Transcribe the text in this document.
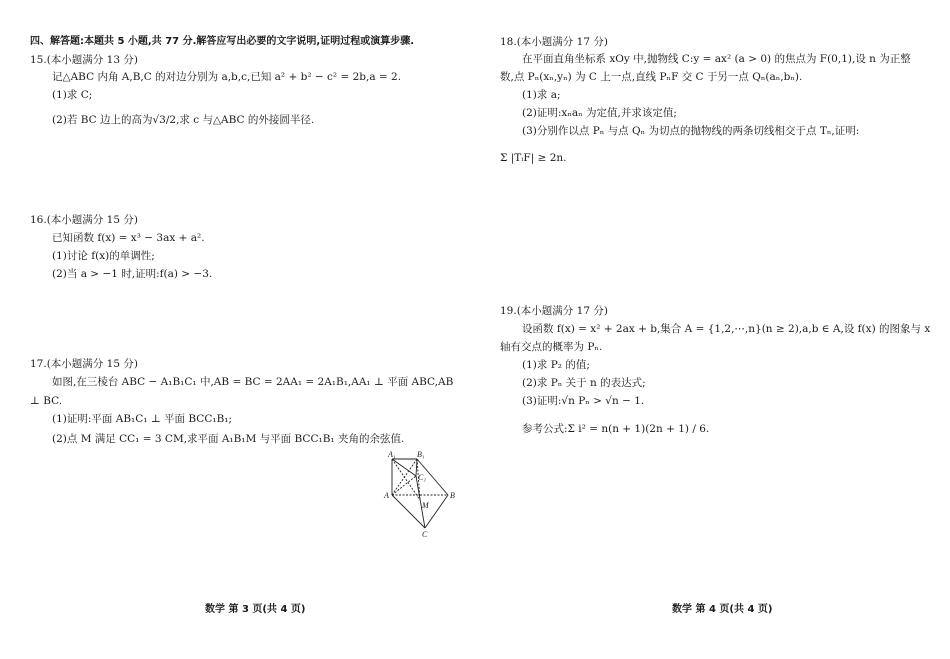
四、解答题:本题共 5 小题,共 77 分.解答应写出必要的文字说明,证明过程或演算步骤.
15.(本小题满分 13 分)
记△ABC 内角 A,B,C 的对边分别为 a,b,c,已知 a² + b² − c² = 2b,a = 2.
(1)求 C;
(2)若 BC 边上的高为√3/2,求 c 与△ABC 的外接圆半径.
16.(本小题满分 15 分)
已知函数 f(x) = x³ − 3ax + a².
(1)讨论 f(x)的单调性;
(2)当 a > −1 时,证明:f(a) > −3.
17.(本小题满分 15 分)
如图,在三棱台 ABC − A₁B₁C₁ 中,AB = BC = 2AA₁ = 2A₁B₁,AA₁ ⊥ 平面 ABC,AB
⊥ BC.
(1)证明:平面 AB₁C₁ ⊥ 平面 BCC₁B₁;
(2)点 M 满足 CC₁ = 3 CM,求平面 A₁B₁M 与平面 BCC₁B₁ 夹角的余弦值.
A₁	B₁
C₁
A	B
M
C
数学 第 3 页(共 4 页)
18.(本小题满分 17 分)
在平面直角坐标系 xOy 中,抛物线 C:y = ax² (a > 0) 的焦点为 F(0,1),设 n 为正整
数,点 Pₙ(xₙ,yₙ) 为 C 上一点,直线 PₙF 交 C 于另一点 Qₙ(aₙ,bₙ).
(1)求 a;
(2)证明:xₙaₙ 为定值,并求该定值;
(3)分别作以点 Pₙ 与点 Qₙ 为切点的抛物线的两条切线相交于点 Tₙ,证明:
Σ |TᵢF| ≥ 2n.
19.(本小题满分 17 分)
设函数 f(x) = x² + 2ax + b,集合 A = {1,2,⋯,n}(n ≥ 2),a,b ∈ A,设 f(x) 的图象与 x
轴有交点的概率为 Pₙ.
(1)求 P₂ 的值;
(2)求 Pₙ 关于 n 的表达式;
(3)证明:√n Pₙ > √n − 1.
参考公式:Σ i² = n(n + 1)(2n + 1) / 6.
数学 第 4 页(共 4 页)
